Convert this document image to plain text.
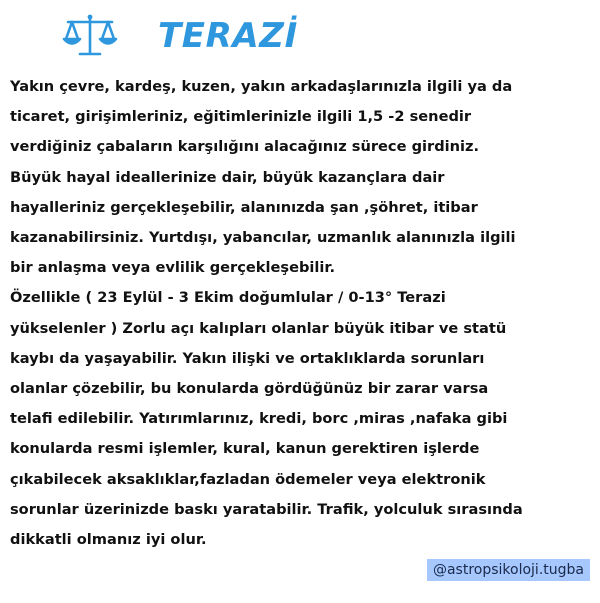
TERAZİ
Yakın çevre, kardeş, kuzen, yakın arkadaşlarınızla ilgili ya da
ticaret, girişimleriniz, eğitimlerinizle ilgili 1,5 -2 senedir
verdiğiniz çabaların karşılığını alacağınız sürece girdiniz.
Büyük hayal ideallerinize dair, büyük kazançlara dair
hayalleriniz gerçekleşebilir, alanınızda şan ,şöhret, itibar
kazanabilirsiniz. Yurtdışı, yabancılar, uzmanlık alanınızla ilgili
bir anlaşma veya evlilik gerçekleşebilir.
Özellikle ( 23 Eylül - 3 Ekim doğumlular / 0-13° Terazi
yükselenler ) Zorlu açı kalıpları olanlar büyük itibar ve statü
kaybı da yaşayabilir. Yakın ilişki ve ortaklıklarda sorunları
olanlar çözebilir, bu konularda gördüğünüz bir zarar varsa
telafi edilebilir. Yatırımlarınız, kredi, borc ,miras ,nafaka gibi
konularda resmi işlemler, kural, kanun gerektiren işlerde
çıkabilecek aksaklıklar,fazladan ödemeler veya elektronik
sorunlar üzerinizde baskı yaratabilir. Trafik, yolculuk sırasında
dikkatli olmanız iyi olur.
@astropsikoloji.tugba
